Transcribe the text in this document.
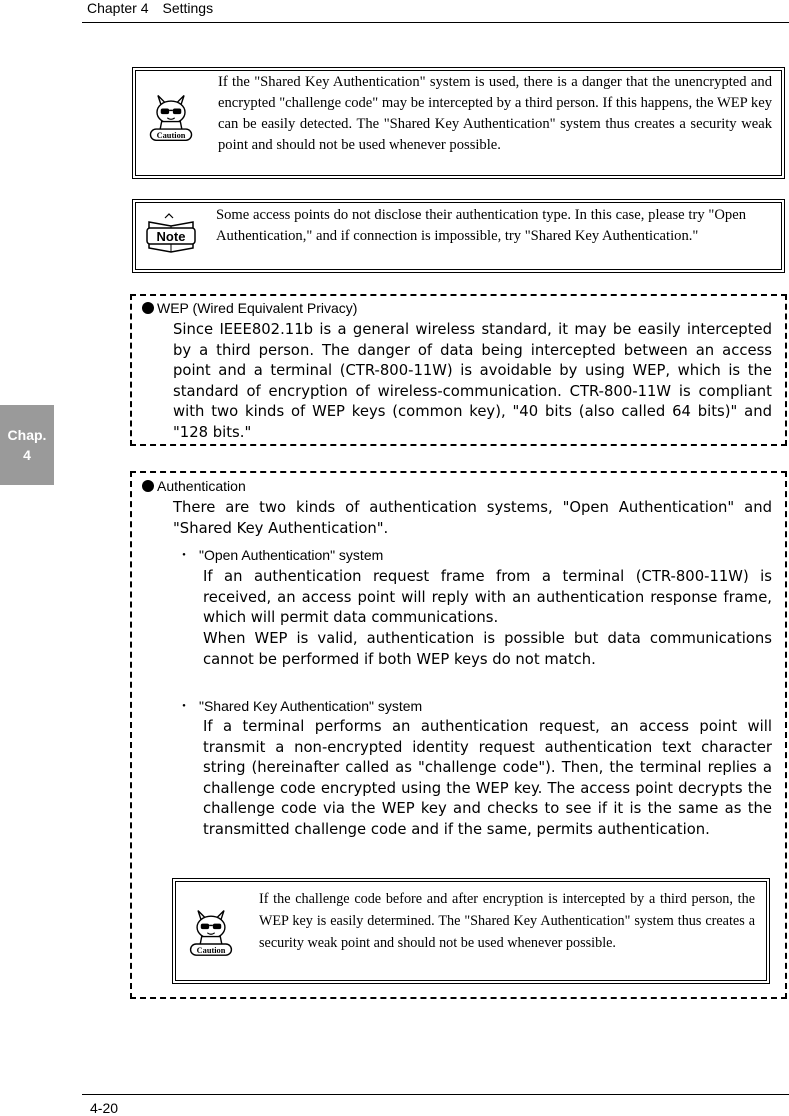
Chapter 4 Settings
Chap.
4
Caution
If the "Shared Key Authentication" system is used, there is a danger that the unencrypted and encrypted "challenge code" may be intercepted by a third person. If this happens, the WEP key can be easily detected. The "Shared Key Authentication" system thus creates a security weak point and should not be used whenever possible.
Note
Some access points do not disclose their authentication type. In this case, please try "Open Authentication," and if connection is impossible, try "Shared Key Authentication."
WEP (Wired Equivalent Privacy)
Since IEEE802.11b is a general wireless standard, it may be easily intercepted by a third person. The danger of data being intercepted between an access point and a terminal (CTR-800-11W) is avoidable by using WEP, which is the standard of encryption of wireless-communication. CTR-800-11W is compliant with two kinds of WEP keys (common key), "40 bits (also called 64 bits)" and "128 bits."
Authentication
There are two kinds of authentication systems, "Open Authentication" and "Shared Key Authentication".
・ "Open Authentication" system
If an authentication request frame from a terminal (CTR-800-11W) is received, an access point will reply with an authentication response frame, which will permit data communications.
When WEP is valid, authentication is possible but data communications cannot be performed if both WEP keys do not match.
・ "Shared Key Authentication" system
If a terminal performs an authentication request, an access point will transmit a non-encrypted identity request authentication text character string (hereinafter called as "challenge code"). Then, the terminal replies a challenge code encrypted using the WEP key. The access point decrypts the challenge code via the WEP key and checks to see if it is the same as the transmitted challenge code and if the same, permits authentication.
Caution
If the challenge code before and after encryption is intercepted by a third person, the WEP key is easily determined. The "Shared Key Authentication" system thus creates a security weak point and should not be used whenever possible.
4-20
